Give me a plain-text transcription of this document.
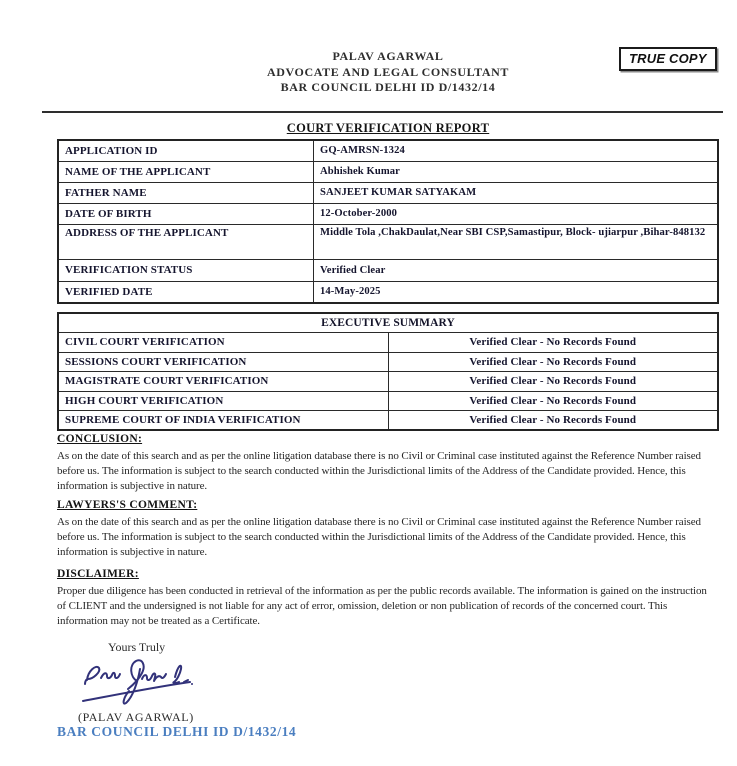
PALAV AGARWAL
ADVOCATE AND LEGAL CONSULTANT
BAR COUNCIL DELHI ID D/1432/14
TRUE COPY
COURT VERIFICATION REPORT
APPLICATION ID	GQ-AMRSN-1324
NAME OF THE APPLICANT	Abhishek Kumar
FATHER NAME	SANJEET KUMAR SATYAKAM
DATE OF BIRTH	12-October-2000
ADDRESS OF THE APPLICANT	Middle Tola ,ChakDaulat,Near SBI CSP,Samastipur, Block- ujiarpur ,Bihar-848132
VERIFICATION STATUS	Verified Clear
VERIFIED DATE	14-May-2025
EXECUTIVE SUMMARY	
CIVIL COURT VERIFICATION	Verified Clear - No Records Found
SESSIONS COURT VERIFICATION	Verified Clear - No Records Found
MAGISTRATE COURT VERIFICATION	Verified Clear - No Records Found
HIGH COURT VERIFICATION	Verified Clear - No Records Found
SUPREME COURT OF INDIA VERIFICATION	Verified Clear - No Records Found
CONCLUSION:
As on the date of this search and as per the online litigation database there is no Civil or Criminal case instituted against the Reference Number raised before us. The information is subject to the search conducted within the Jurisdictional limits of the Address of the Candidate provided. Hence, this information is subjective in nature.
LAWYERS'S COMMENT:
As on the date of this search and as per the online litigation database there is no Civil or Criminal case instituted against the Reference Number raised before us. The information is subject to the search conducted within the Jurisdictional limits of the Address of the Candidate provided. Hence, this information is subjective in nature.
DISCLAIMER:
Proper due diligence has been conducted in retrieval of the information as per the public records available. The information is gained on the instruction of CLIENT and the undersigned is not liable for any act of error, omission, deletion or non publication of records of the concerned court. This information may not be treated as a Certificate.
Yours Truly
(PALAV AGARWAL)
BAR COUNCIL DELHI ID D/1432/14
